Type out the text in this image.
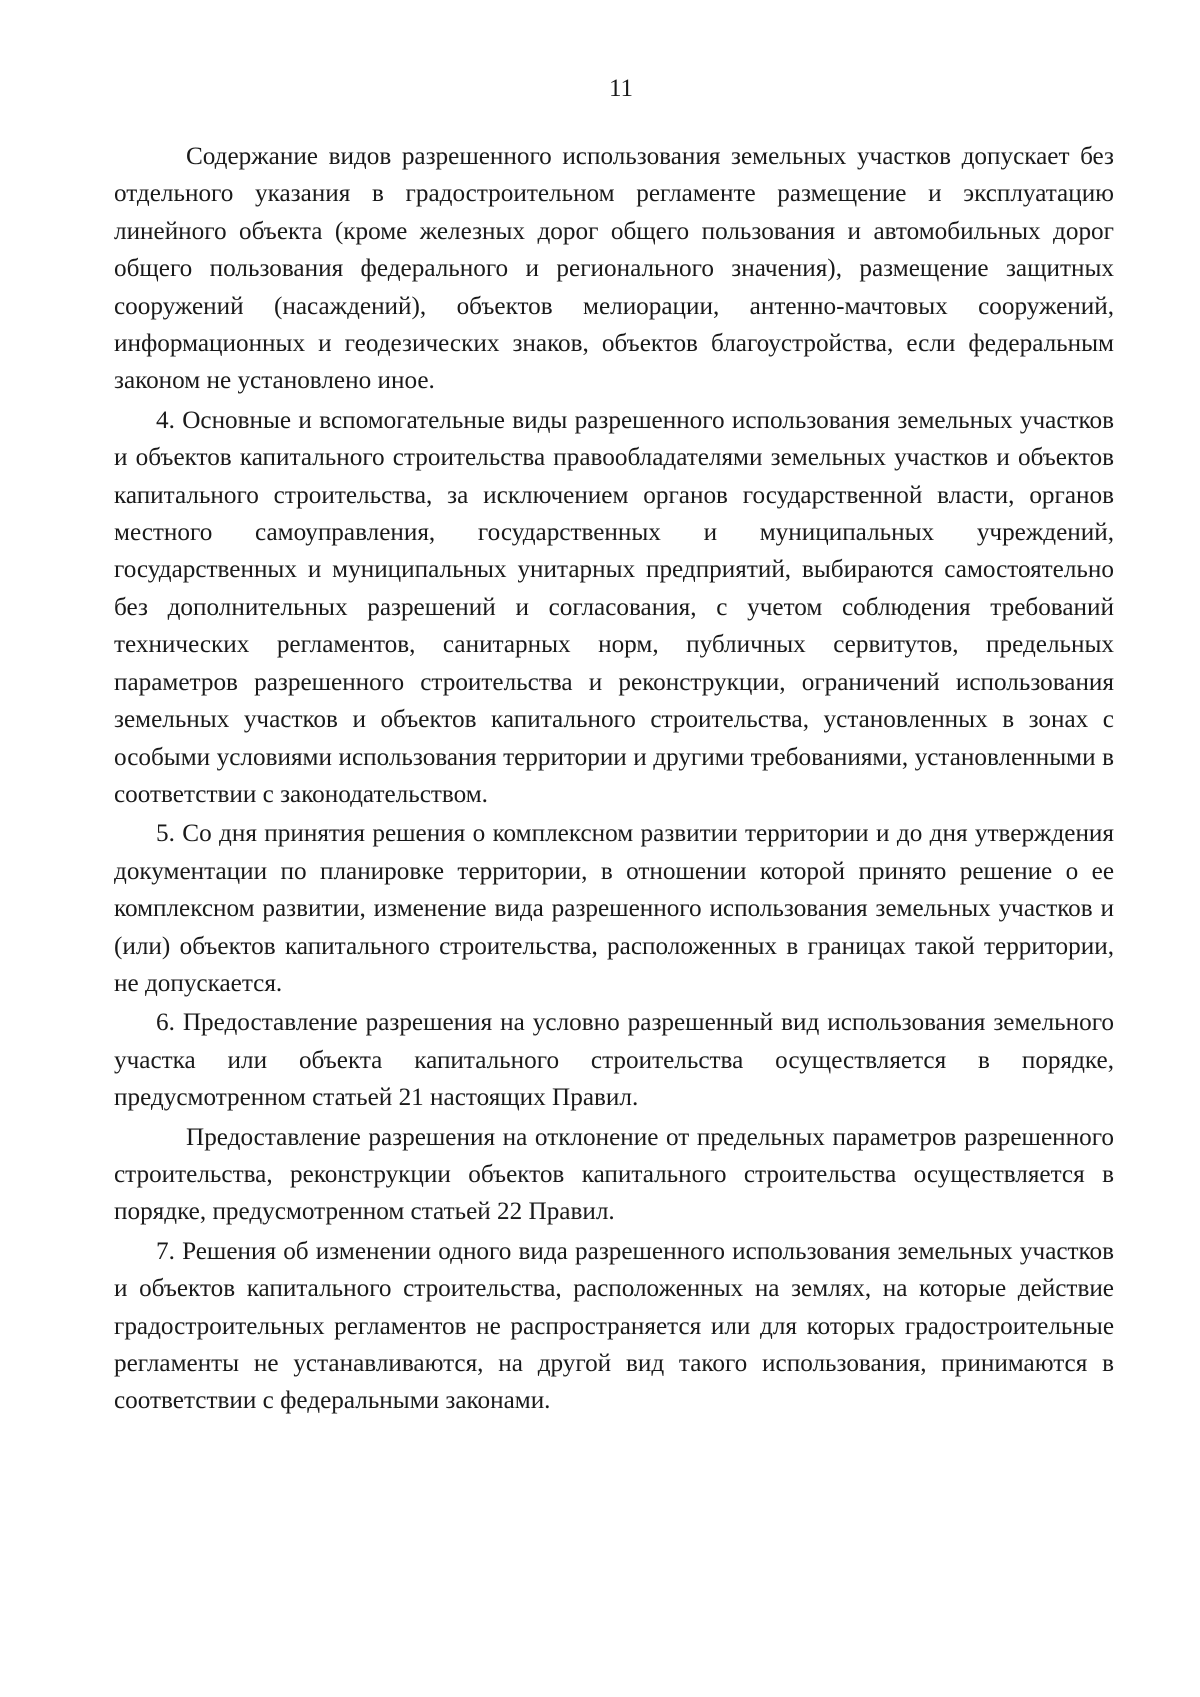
11

Содержание видов разрешенного использования земельных участков допускает без отдельного указания в градостроительном регламенте размещение и эксплуатацию линейного объекта (кроме железных дорог общего пользования и автомобильных дорог общего пользования федерального и регионального значения), размещение защитных сооружений (насаждений), объектов мелиорации, антенно-мачтовых сооружений, информационных и геодезических знаков, объектов благоустройства, если федеральным законом не установлено иное.

4. Основные и вспомогательные виды разрешенного использования земельных участков и объектов капитального строительства правообладателями земельных участков и объектов капитального строительства, за исключением органов государственной власти, органов местного самоуправления, государственных и муниципальных учреждений, государственных и муниципальных унитарных предприятий, выбираются самостоятельно без дополнительных разрешений и согласования, с учетом соблюдения требований технических регламентов, санитарных норм, публичных сервитутов, предельных параметров разрешенного строительства и реконструкции, ограничений использования земельных участков и объектов капитального строительства, установленных в зонах с особыми условиями использования территории и другими требованиями, установленными в соответствии с законодательством.

5. Со дня принятия решения о комплексном развитии территории и до дня утверждения документации по планировке территории, в отношении которой принято решение о ее комплексном развитии, изменение вида разрешенного использования земельных участков и (или) объектов капитального строительства, расположенных в границах такой территории, не допускается.

6. Предоставление разрешения на условно разрешенный вид использования земельного участка или объекта капитального строительства осуществляется в порядке, предусмотренном статьей 21 настоящих Правил.

Предоставление разрешения на отклонение от предельных параметров разрешенного строительства, реконструкции объектов капитального строительства осуществляется в порядке, предусмотренном статьей 22 Правил.

7. Решения об изменении одного вида разрешенного использования земельных участков и объектов капитального строительства, расположенных на землях, на которые действие градостроительных регламентов не распространяется или для которых градостроительные регламенты не устанавливаются, на другой вид такого использования, принимаются в соответствии с федеральными законами.
